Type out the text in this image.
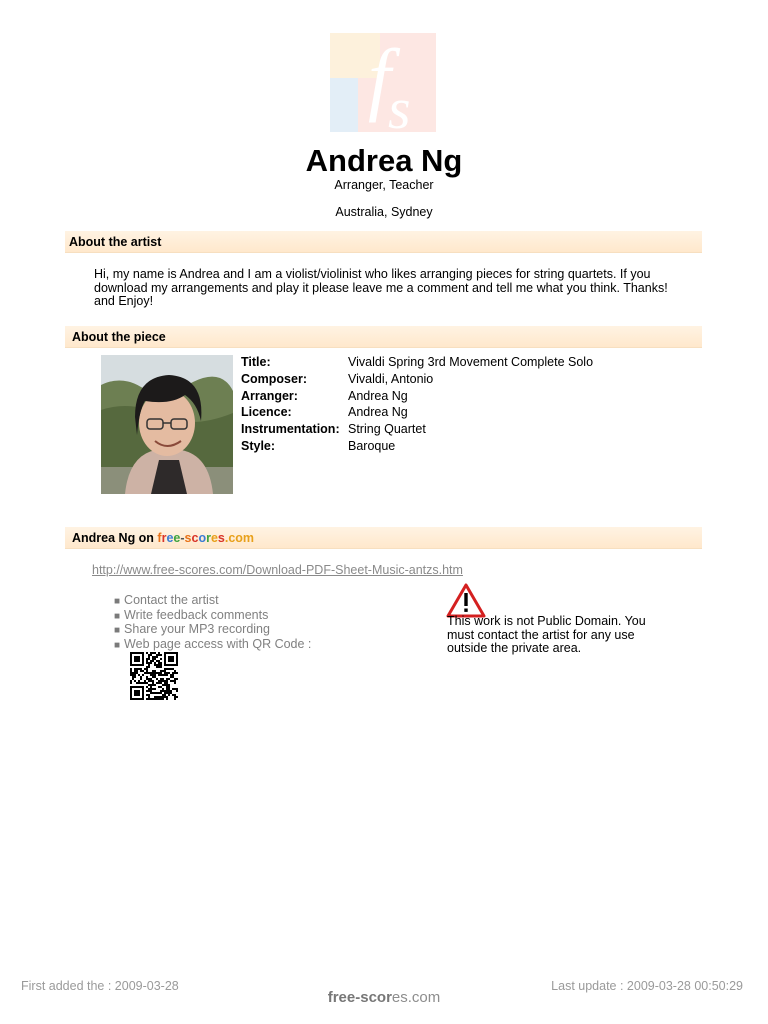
f
s
Andrea Ng
Arranger, Teacher
Australia, Sydney
About the artist
Hi, my name is Andrea and I am a violist/violinist who likes arranging pieces for string quartets. If you download my arrangements and play it please leave me a comment and tell me what you think. Thanks! and Enjoy!
About the piece
Title:	Vivaldi Spring 3rd Movement Complete Solo
Composer:	Vivaldi, Antonio
Arranger:	Andrea Ng
Licence:	Andrea Ng
Instrumentation: String Quartet
Style:	Baroque
Andrea Ng on free-scores.com
http://www.free-scores.com/Download-PDF-Sheet-Music-antzs.htm
■ Contact the artist
■ Write feedback comments
■ Share your MP3 recording
■ Web page access with QR Code :
This work is not Public Domain. You must contact the artist for any use outside the private area.
First added the : 2009-03-28	Last update : 2009-03-28 00:50:29
free-scores.com
